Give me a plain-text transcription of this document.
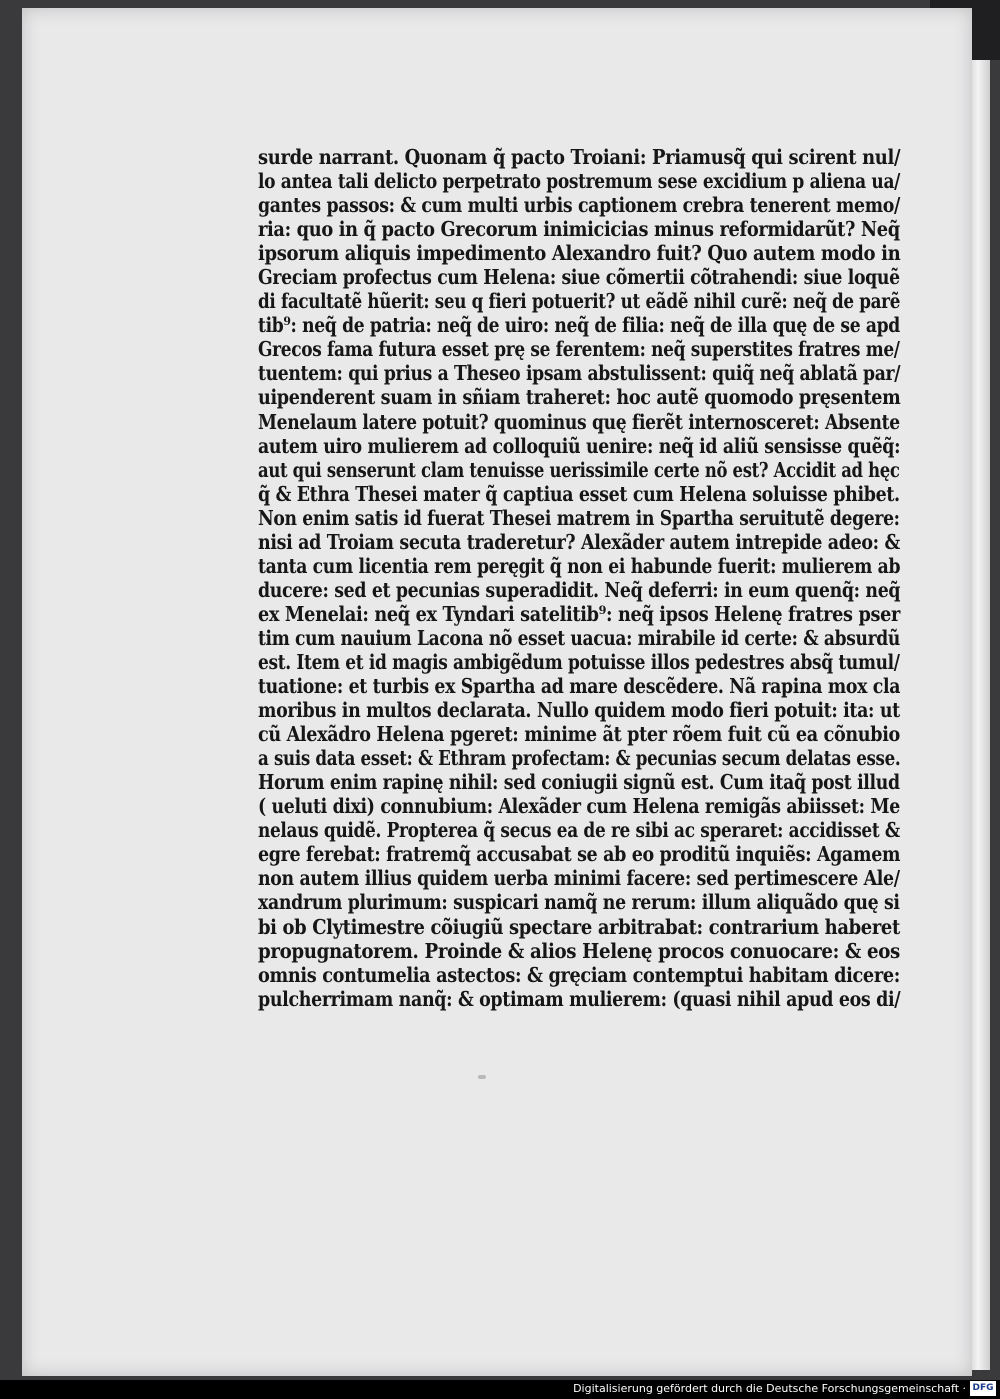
surde narrant. Quonam q̃ pacto Troiani: Priamusq̃ qui scirent nul/
lo antea tali delicto perpetrato postremum sese excidium p aliena ua/
gantes passos: & cum multi urbis captionem crebra tenerent memo/
ria: quo in q̃ pacto Grecorum inimicicias minus reformidarũt? Neq̃
ipsorum aliquis impedimento Alexandro fuit? Quo autem modo in
Greciam profectus cum Helena: siue cõmertii cõtrahendi: siue loquẽ
di facultatẽ hũerit: seu q fieri potuerit? ut eãdẽ nihil curẽ: neq̃ de parẽ
tib⁹: neq̃ de patria: neq̃ de uiro: neq̃ de filia: neq̃ de illa quę de se apd
Grecos fama futura esset prę se ferentem: neq̃ superstites fratres me/
tuentem: qui prius a Theseo ipsam abstulissent: quiq̃ neq̃ ablatã par/
uipenderent suam in sñiam traheret: hoc autẽ quomodo pręsentem
Menelaum latere potuit? quominus quę fierẽt internosceret: Absente
autem uiro mulierem ad colloquiũ uenire: neq̃ id aliũ sensisse quẽq̃:
aut qui senserunt clam tenuisse uerissimile certe nõ est? Accidit ad hęc
q̃ & Ethra Thesei mater q̃ captiua esset cum Helena soluisse phibet.
Non enim satis id fuerat Thesei matrem in Spartha seruitutẽ degere:
nisi ad Troiam secuta traderetur? Alexãder autem intrepide adeo: &
tanta cum licentia rem peręgit q̃ non ei habunde fuerit: mulierem ab
ducere: sed et pecunias superadidit. Neq̃ deferri: in eum quenq̃: neq̃
ex Menelai: neq̃ ex Tyndari satelitib⁹: neq̃ ipsos Helenę fratres pser
tim cum nauium Lacona nõ esset uacua: mirabile id certe: & absurdũ
est. Item et id magis ambigẽdum potuisse illos pedestres absq̃ tumul/
tuatione: et turbis ex Spartha ad mare descẽdere. Nã rapina mox cla
moribus in multos declarata. Nullo quidem modo fieri potuit: ita: ut
cũ Alexãdro Helena pgeret: minime ãt pter rõem fuit cũ ea cõnubio
a suis data esset: & Ethram profectam: & pecunias secum delatas esse.
Horum enim rapinę nihil: sed coniugii signũ est. Cum itaq̃ post illud
( ueluti dixi) connubium: Alexãder cum Helena remigãs abiisset: Me
nelaus quidẽ. Propterea q̃ secus ea de re sibi ac speraret: accidisset &
egre ferebat: fratremq̃ accusabat se ab eo proditũ inquiẽs: Agamem
non autem illius quidem uerba minimi facere: sed pertimescere Ale/
xandrum plurimum: suspicari namq̃ ne rerum: illum aliquãdo quę si
bi ob Clytimestre cõiugiũ spectare arbitrabat: contrarium haberet
propugnatorem. Proinde & alios Helenę procos conuocare: & eos
omnis contumelia astectos: & gręciam contemptui habitam dicere:
pulcherrimam nanq̃: & optimam mulierem: (quasi nihil apud eos di/
Digitalisierung gefördert durch die Deutsche Forschungsgemeinschaft · DFG
